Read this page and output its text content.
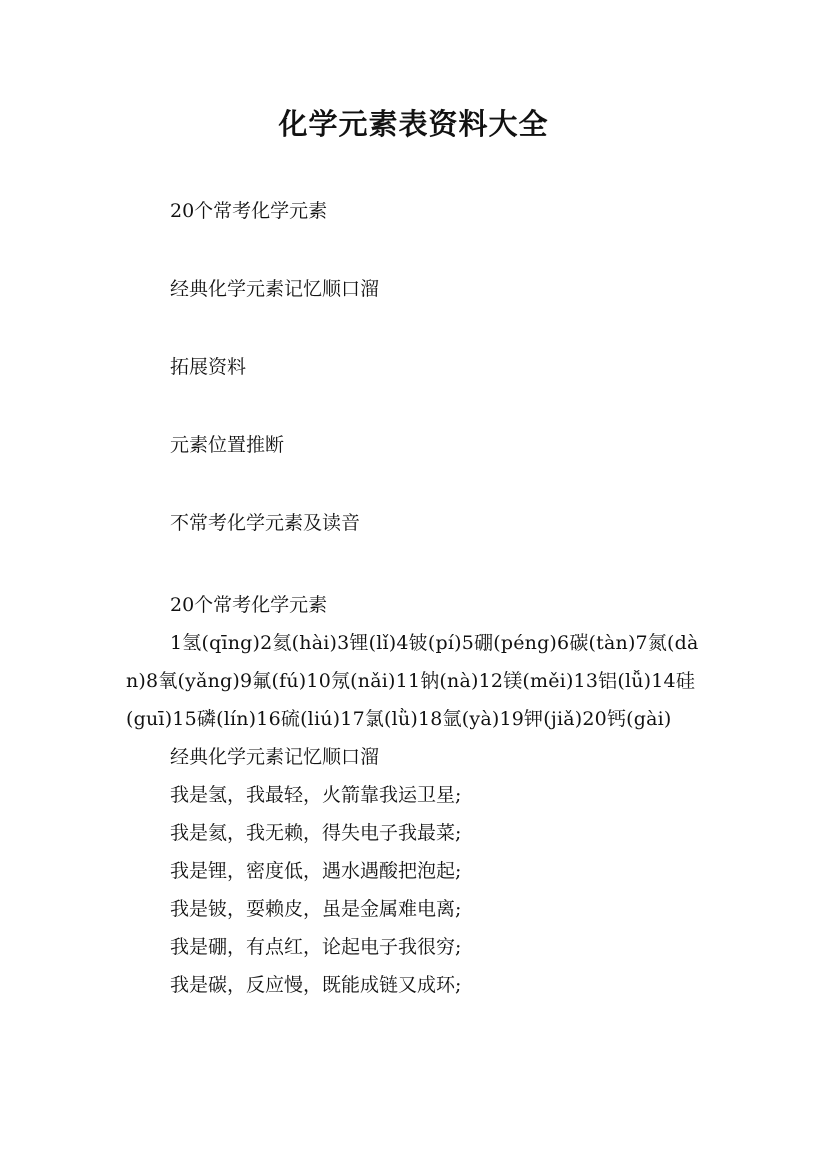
化学元素表资料大全
20个常考化学元素
经典化学元素记忆顺口溜
拓展资料
元素位置推断
不常考化学元素及读音

20个常考化学元素

1氢(qīng)2氦(hài)3锂(lǐ)4铍(pí)5硼(péng)6碳(tàn)7氮(dàn)8氧(yǎng)9氟(fú)10氖(nǎi)11钠(nà)12镁(měi)13铝(lǚ)14硅(guī)15磷(lín)16硫(liú)17氯(lǜ)18氩(yà)19钾(jiǎ)20钙(gài)

经典化学元素记忆顺口溜

我是氢，我最轻，火箭靠我运卫星;

我是氦，我无赖，得失电子我最菜;

我是锂，密度低，遇水遇酸把泡起;

我是铍，耍赖皮，虽是金属难电离;

我是硼，有点红，论起电子我很穷;

我是碳，反应慢，既能成链又成环;
